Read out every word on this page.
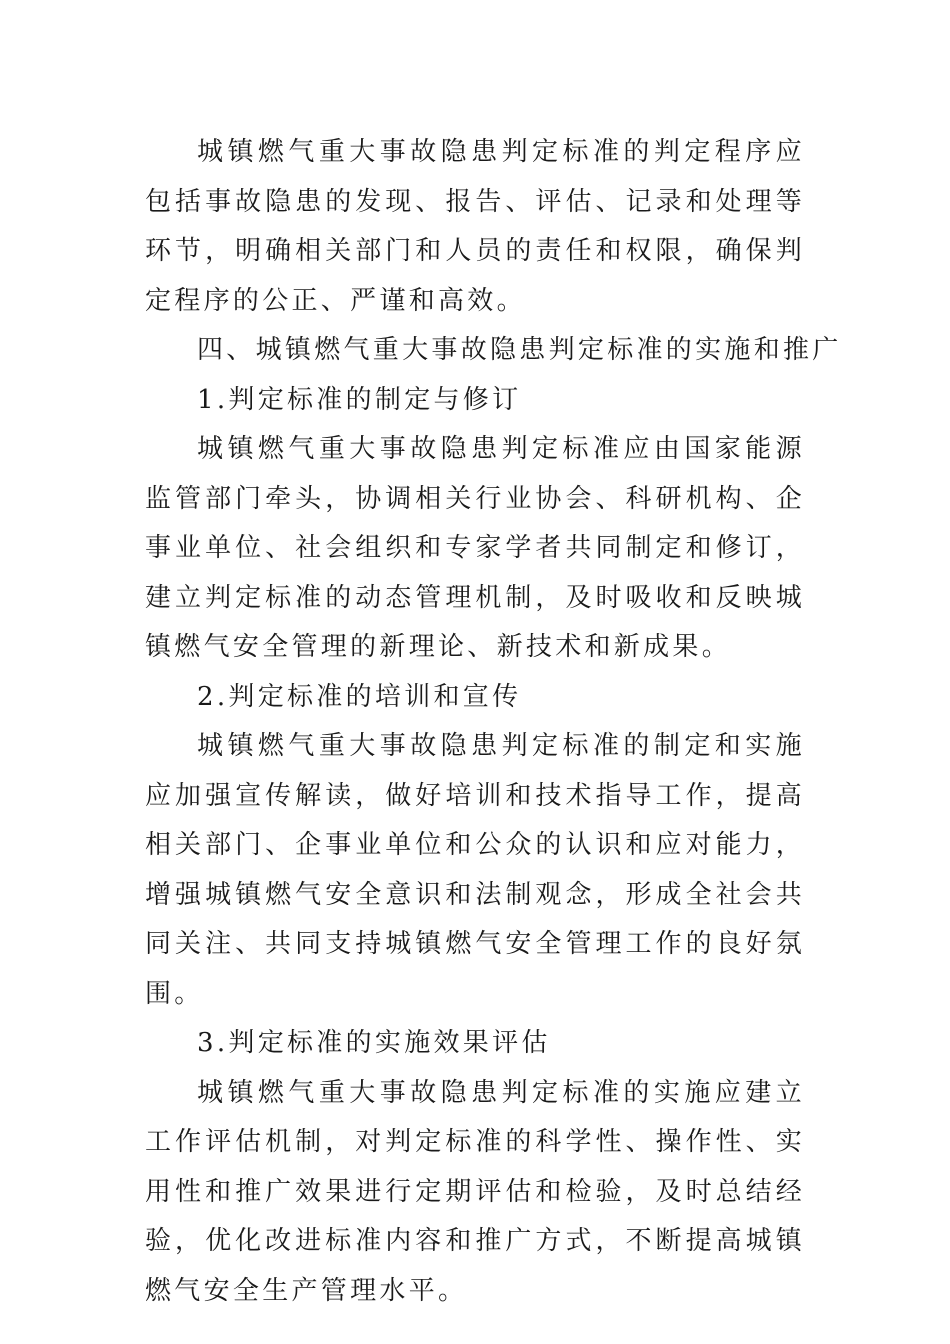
城镇燃气重大事故隐患判定标准的判定程序应包括事故隐患的发现、报告、评估、记录和处理等环节，明确相关部门和人员的责任和权限，确保判定程序的公正、严谨和高效。

四、城镇燃气重大事故隐患判定标准的实施和推广

1.判定标准的制定与修订

城镇燃气重大事故隐患判定标准应由国家能源监管部门牵头，协调相关行业协会、科研机构、企事业单位、社会组织和专家学者共同制定和修订，建立判定标准的动态管理机制，及时吸收和反映城镇燃气安全管理的新理论、新技术和新成果。

2.判定标准的培训和宣传

城镇燃气重大事故隐患判定标准的制定和实施应加强宣传解读，做好培训和技术指导工作，提高相关部门、企事业单位和公众的认识和应对能力，增强城镇燃气安全意识和法制观念，形成全社会共同关注、共同支持城镇燃气安全管理工作的良好氛围。

3.判定标准的实施效果评估

城镇燃气重大事故隐患判定标准的实施应建立工作评估机制，对判定标准的科学性、操作性、实用性和推广效果进行定期评估和检验，及时总结经验，优化改进标准内容和推广方式，不断提高城镇燃气安全生产管理水平。
